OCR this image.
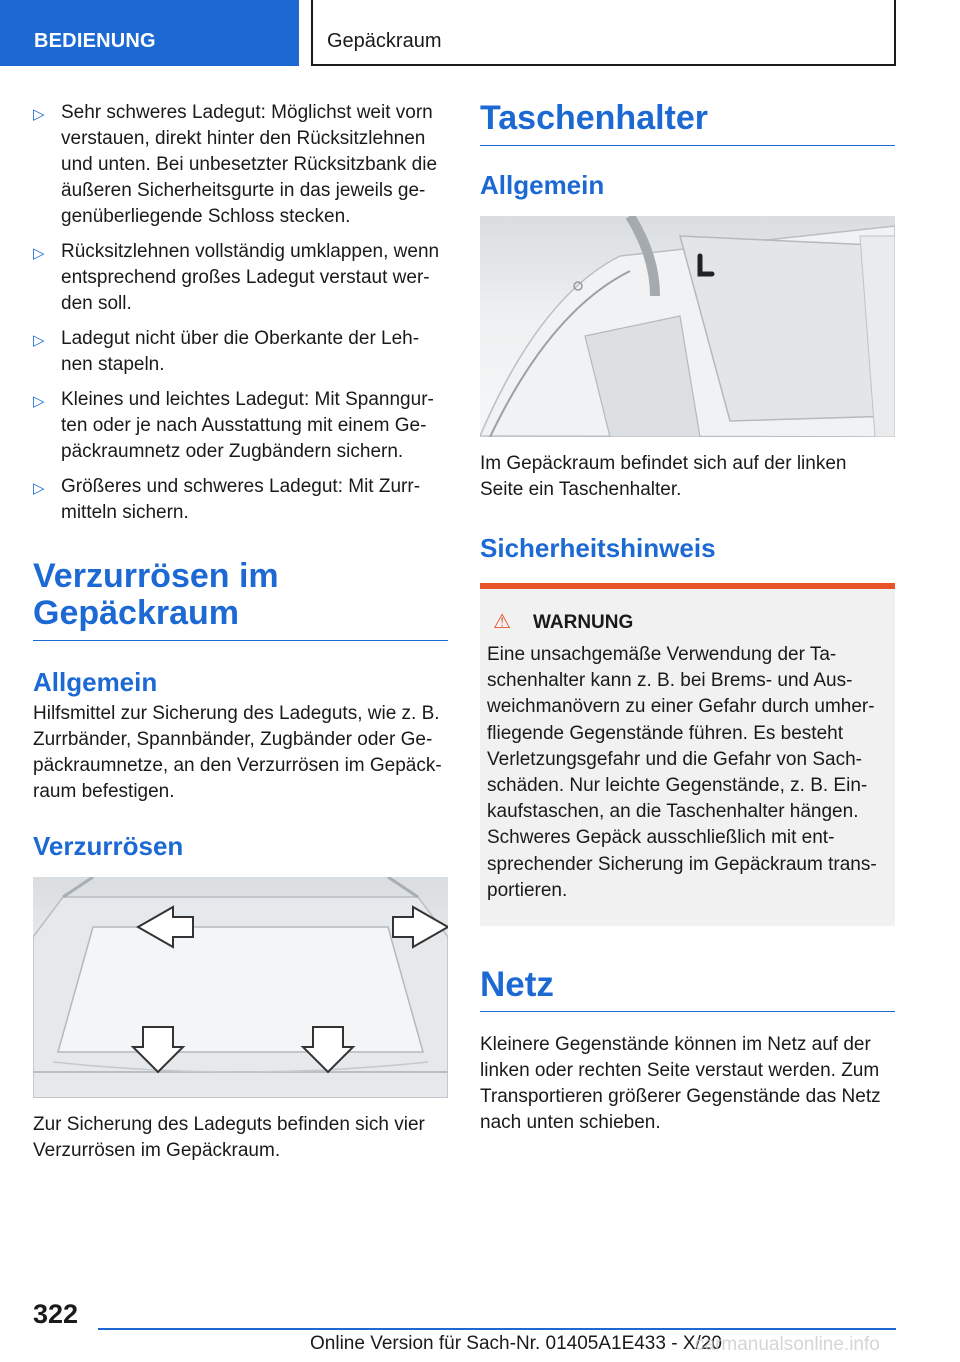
BEDIENUNG	Gepäckraum
▷ Sehr schweres Ladegut: Möglichst weit vorn verstauen, direkt hinter den Rücksitzlehnen und unten. Bei unbesetzter Rücksitzbank die äußeren Sicherheitsgurte in das jeweils ge-genüberliegende Schloss stecken.
▷ Rücksitzlehnen vollständig umklappen, wenn entsprechend großes Ladegut verstaut wer-den soll.
▷ Ladegut nicht über die Oberkante der Leh-nen stapeln.
▷ Kleines und leichtes Ladegut: Mit Spanngur-ten oder je nach Ausstattung mit einem Ge-päckraumnetz oder Zugbändern sichern.
▷ Größeres und schweres Ladegut: Mit Zurr-mitteln sichern.
Verzurrösen im Gepäckraum
Allgemein
Hilfsmittel zur Sicherung des Ladeguts, wie z. B. Zurrbänder, Spannbänder, Zugbänder oder Ge-päckraumnetze, an den Verzurrösen im Gepäck-raum befestigen.
Verzurrösen
Zur Sicherung des Ladeguts befinden sich vier Verzurrösen im Gepäckraum.
Taschenhalter
Allgemein
Im Gepäckraum befindet sich auf der linken Seite ein Taschenhalter.
Sicherheitshinweis
⚠ WARNUNG
Eine unsachgemäße Verwendung der Ta-schenhalter kann z. B. bei Brems- und Aus-weichmanövern zu einer Gefahr durch umher-fliegende Gegenstände führen. Es besteht Verletzungsgefahr und die Gefahr von Sach-schäden. Nur leichte Gegenstände, z. B. Ein-kaufstaschen, an die Taschenhalter hängen. Schweres Gepäck ausschließlich mit ent-sprechender Sicherung im Gepäckraum trans-portieren.
Netz
Kleinere Gegenstände können im Netz auf der linken oder rechten Seite verstaut werden. Zum Transportieren größerer Gegenstände das Netz nach unten schieben.
322
Online Version für Sach-Nr. 01405A1E433 - X/20
carmanualsonline.info
